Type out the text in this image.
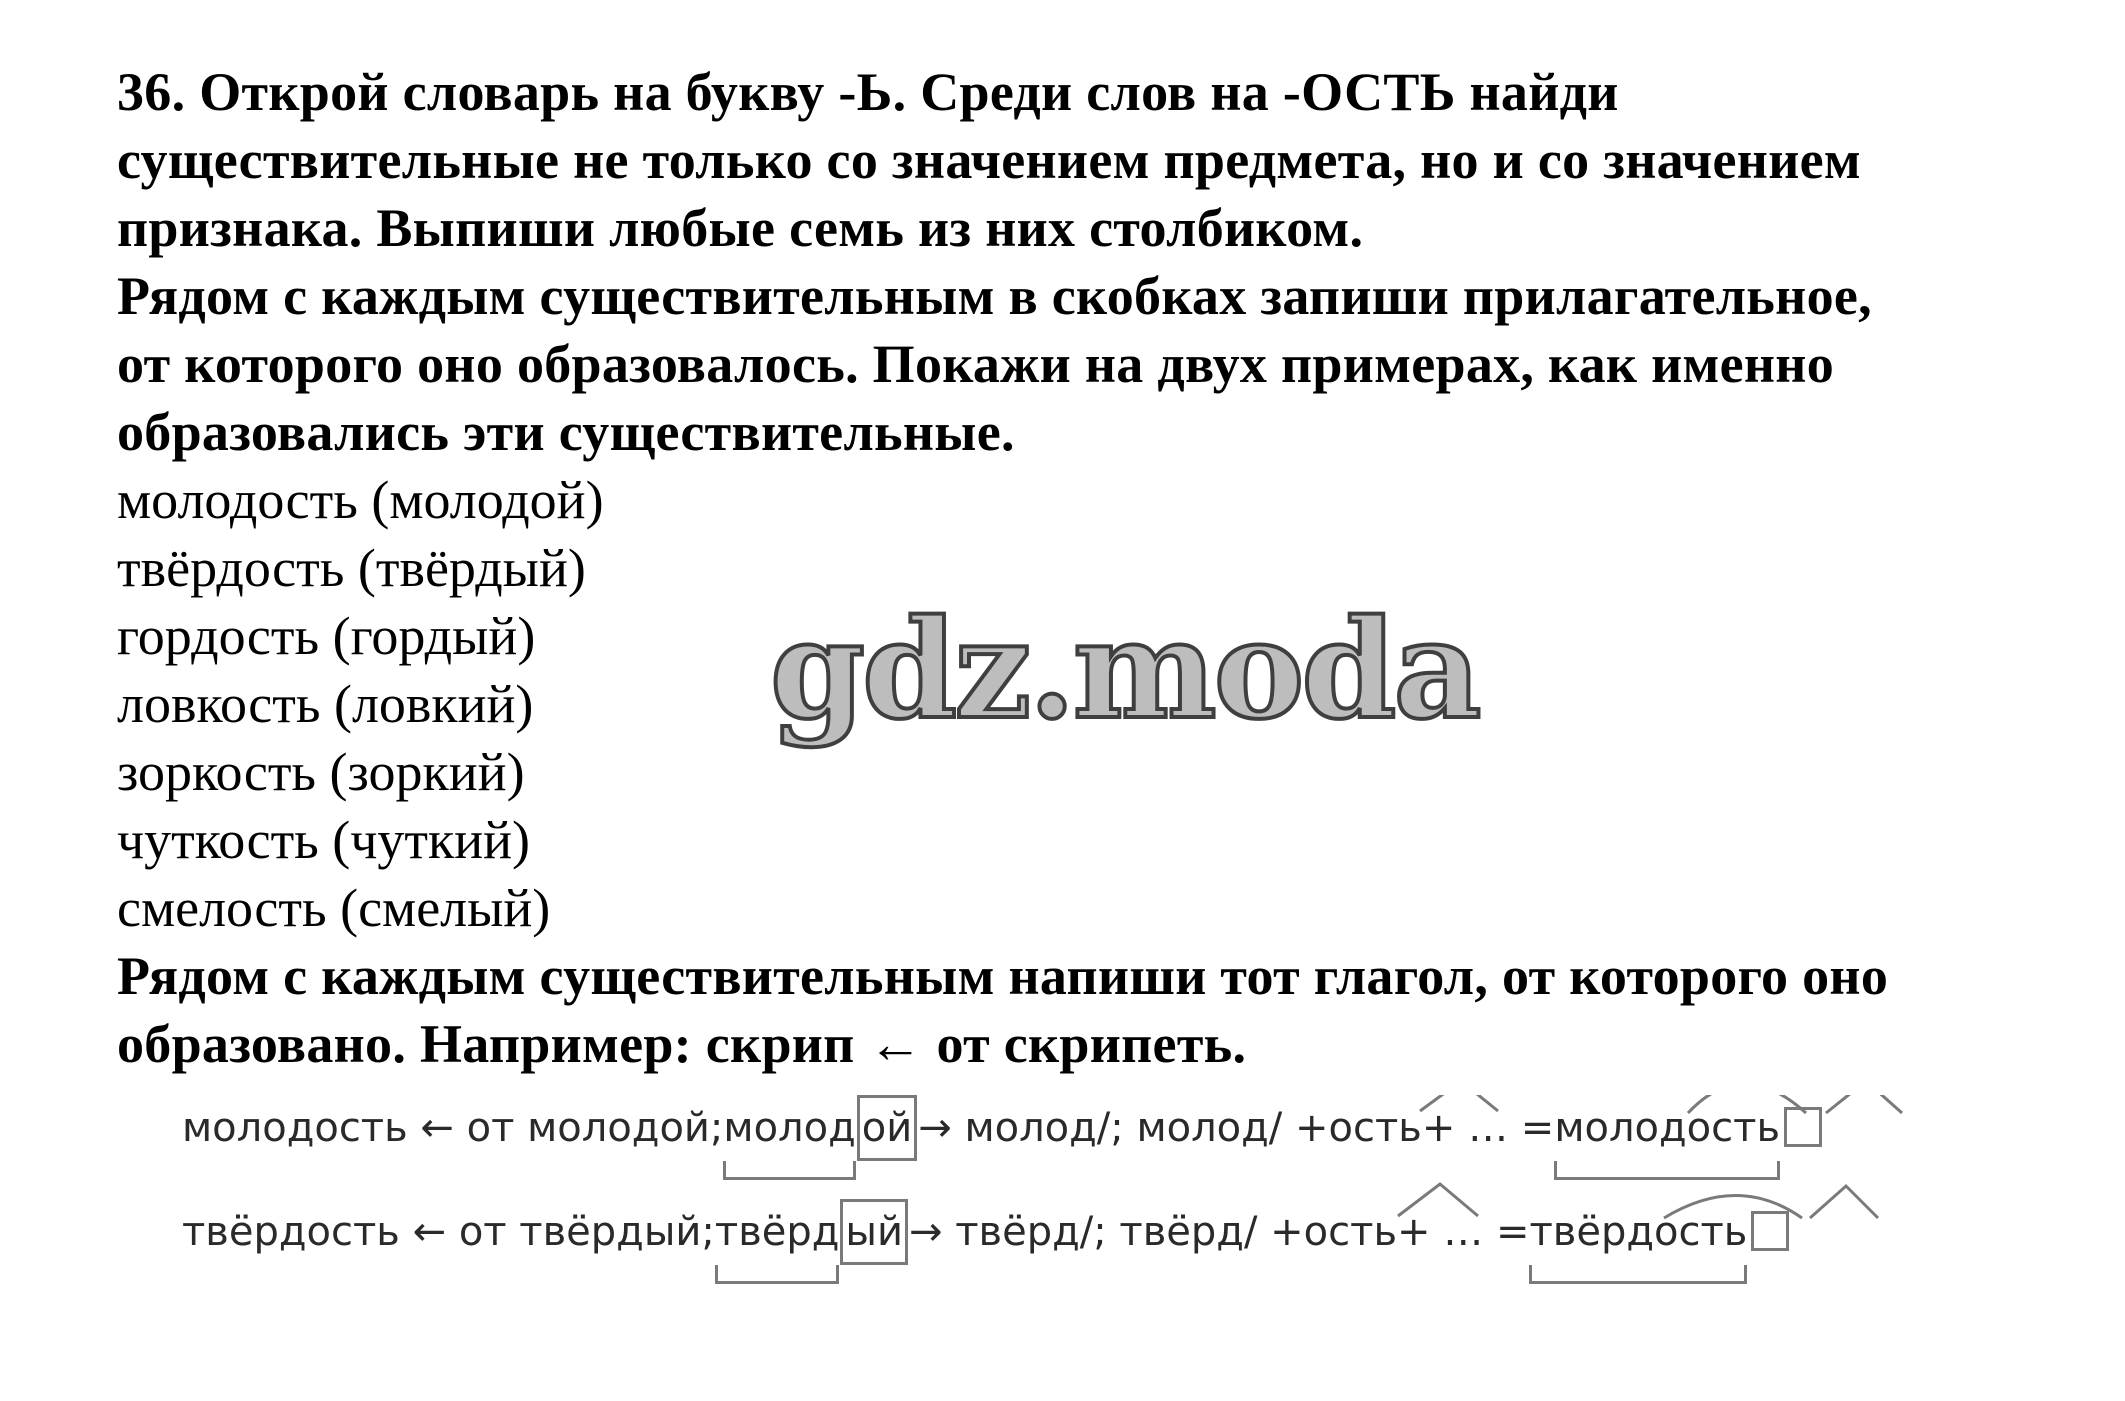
36. Открой словарь на букву -Ь. Среди слов на -ОСТЬ найди
существительные не только со значением предмета, но и со значением
признака. Выпиши любые семь из них столбиком.
Рядом с каждым существительным в скобках запиши прилагательное,
от которого оно образовалось. Покажи на двух примерах, как именно
образовались эти существительные.
молодость (молодой)
твёрдость (твёрдый)
гордость (гордый)
ловкость (ловкий)
зоркость (зоркий)
чуткость (чуткий)
смелость (смелый)
Рядом с каждым существительным напиши тот глагол, от которого оно
образовано. Например: скрип ← от скрипеть.
gdz.moda
молодость ← от молодой;молод ой→ молод/; молод/ +ость+ … =молодость
твёрдость ← от твёрдый;твёрд ый→ твёрд/; твёрд/ +ость+ … =твёрдость
